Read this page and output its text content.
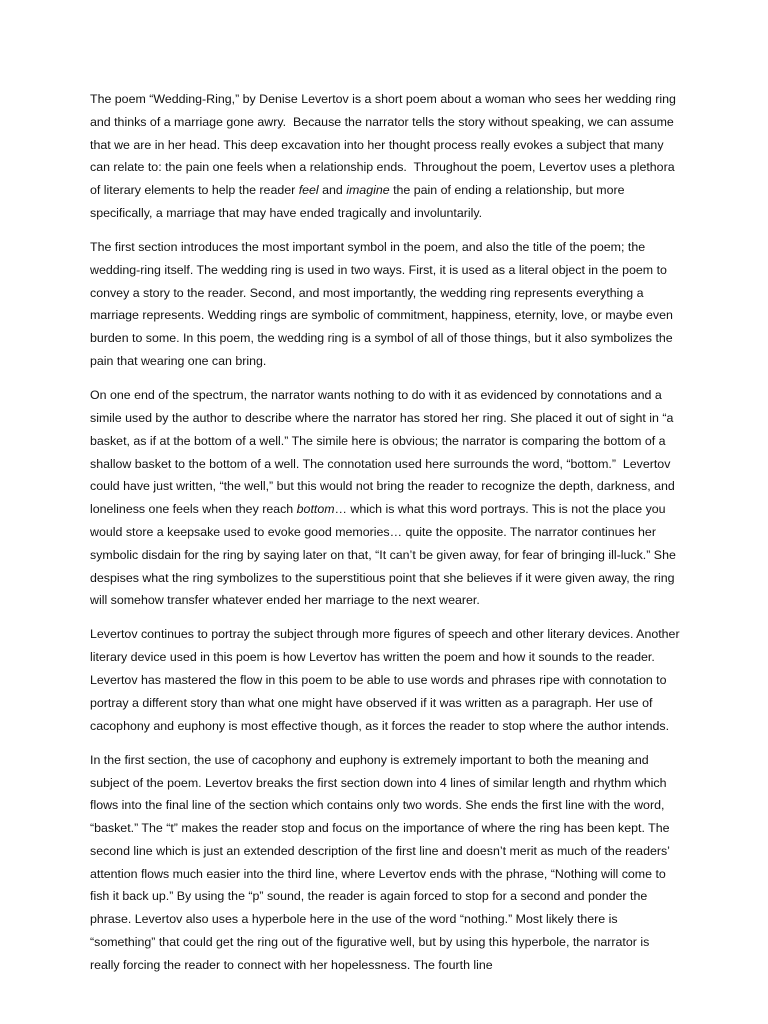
The poem “Wedding-Ring,” by Denise Levertov is a short poem about a woman who sees her wedding ring and thinks of a marriage gone awry.  Because the narrator tells the story without speaking, we can assume that we are in her head. This deep excavation into her thought process really evokes a subject that many can relate to: the pain one feels when a relationship ends.  Throughout the poem, Levertov uses a plethora of literary elements to help the reader feel and imagine the pain of ending a relationship, but more specifically, a marriage that may have ended tragically and involuntarily.

The first section introduces the most important symbol in the poem, and also the title of the poem; the wedding-ring itself. The wedding ring is used in two ways. First, it is used as a literal object in the poem to convey a story to the reader. Second, and most importantly, the wedding ring represents everything a marriage represents. Wedding rings are symbolic of commitment, happiness, eternity, love, or maybe even burden to some. In this poem, the wedding ring is a symbol of all of those things, but it also symbolizes the pain that wearing one can bring.

On one end of the spectrum, the narrator wants nothing to do with it as evidenced by connotations and a simile used by the author to describe where the narrator has stored her ring. She placed it out of sight in “a basket, as if at the bottom of a well.” The simile here is obvious; the narrator is comparing the bottom of a shallow basket to the bottom of a well. The connotation used here surrounds the word, “bottom.”  Levertov could have just written, “the well,” but this would not bring the reader to recognize the depth, darkness, and loneliness one feels when they reach bottom… which is what this word portrays. This is not the place you would store a keepsake used to evoke good memories… quite the opposite. The narrator continues her symbolic disdain for the ring by saying later on that, “It can’t be given away, for fear of bringing ill-luck.” She despises what the ring symbolizes to the superstitious point that she believes if it were given away, the ring will somehow transfer whatever ended her marriage to the next wearer.

Levertov continues to portray the subject through more figures of speech and other literary devices. Another literary device used in this poem is how Levertov has written the poem and how it sounds to the reader. Levertov has mastered the flow in this poem to be able to use words and phrases ripe with connotation to portray a different story than what one might have observed if it was written as a paragraph. Her use of cacophony and euphony is most effective though, as it forces the reader to stop where the author intends.

In the first section, the use of cacophony and euphony is extremely important to both the meaning and subject of the poem. Levertov breaks the first section down into 4 lines of similar length and rhythm which flows into the final line of the section which contains only two words. She ends the first line with the word, “basket.” The “t” makes the reader stop and focus on the importance of where the ring has been kept. The second line which is just an extended description of the first line and doesn’t merit as much of the readers’ attention flows much easier into the third line, where Levertov ends with the phrase, “Nothing will come to fish it back up.” By using the “p” sound, the reader is again forced to stop for a second and ponder the phrase. Levertov also uses a hyperbole here in the use of the word “nothing.” Most likely there is “something” that could get the ring out of the figurative well, but by using this hyperbole, the narrator is really forcing the reader to connect with her hopelessness. The fourth line
